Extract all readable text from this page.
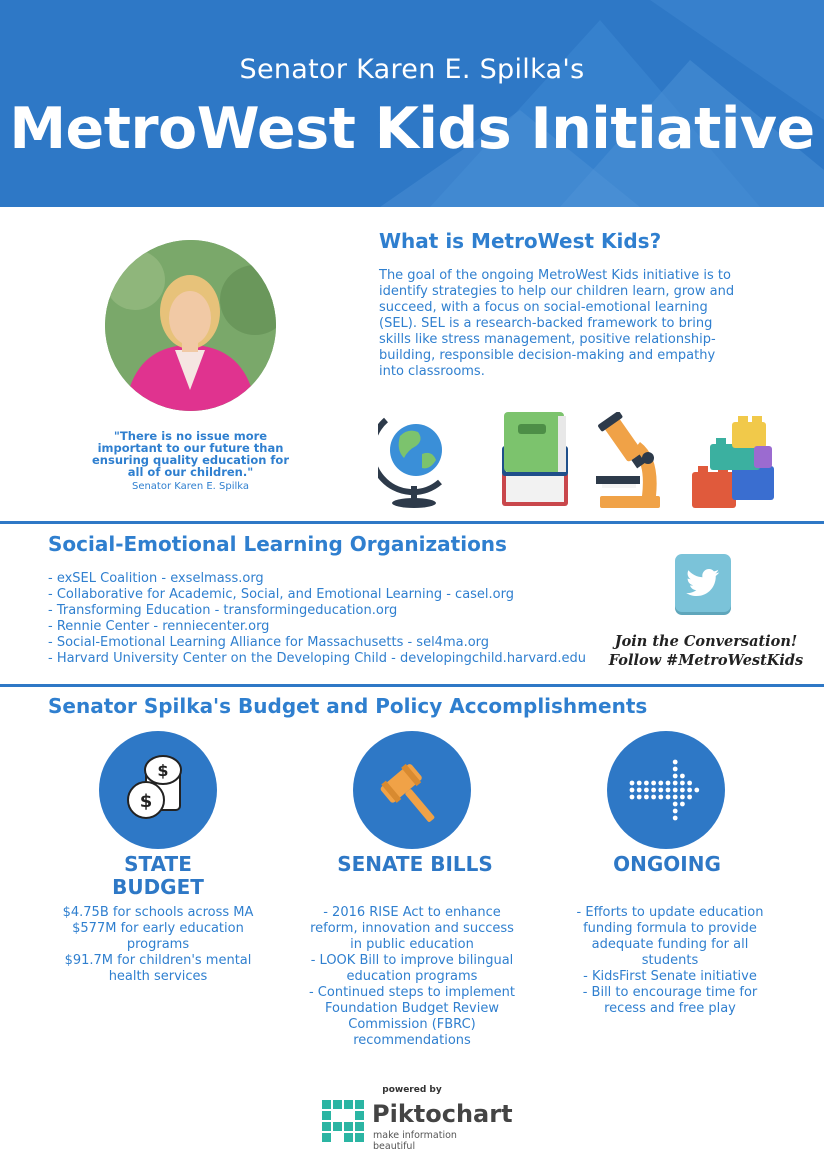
Senator Karen E. Spilka's
MetroWest Kids Initiative
"There is no issue more important to our future than ensuring quality education for all of our children."
Senator Karen E. Spilka
What is MetroWest Kids?
The goal of the ongoing MetroWest Kids initiative is to identify strategies to help our children learn, grow and succeed, with a focus on social-emotional learning (SEL). SEL is a research-backed framework to bring skills like stress management, positive relationship-building, responsible decision-making and empathy into classrooms.
Social-Emotional Learning Organizations
- exSEL Coalition - exselmass.org
- Collaborative for Academic, Social, and Emotional Learning - casel.org
- Transforming Education - transformingeducation.org
- Rennie Center - renniecenter.org
- Social-Emotional Learning Alliance for Massachusetts - sel4ma.org
- Harvard University Center on the Developing Child - developingchild.harvard.edu
Join the Conversation!
Follow #MetroWestKids
Senator Spilka's Budget and Policy Accomplishments
$
$
STATE
BUDGET
$4.75B for schools across MA
$577M for early education programs
$91.7M for children's mental health services
SENATE BILLS
- 2016 RISE Act to enhance reform, innovation and success in public education
- LOOK Bill to improve bilingual education programs
- Continued steps to implement Foundation Budget Review Commission (FBRC) recommendations
ONGOING
- Efforts to update education funding formula to provide adequate funding for all students
- KidsFirst Senate initiative
- Bill to encourage time for recess and free play
powered by
Piktochart
make information beautiful
